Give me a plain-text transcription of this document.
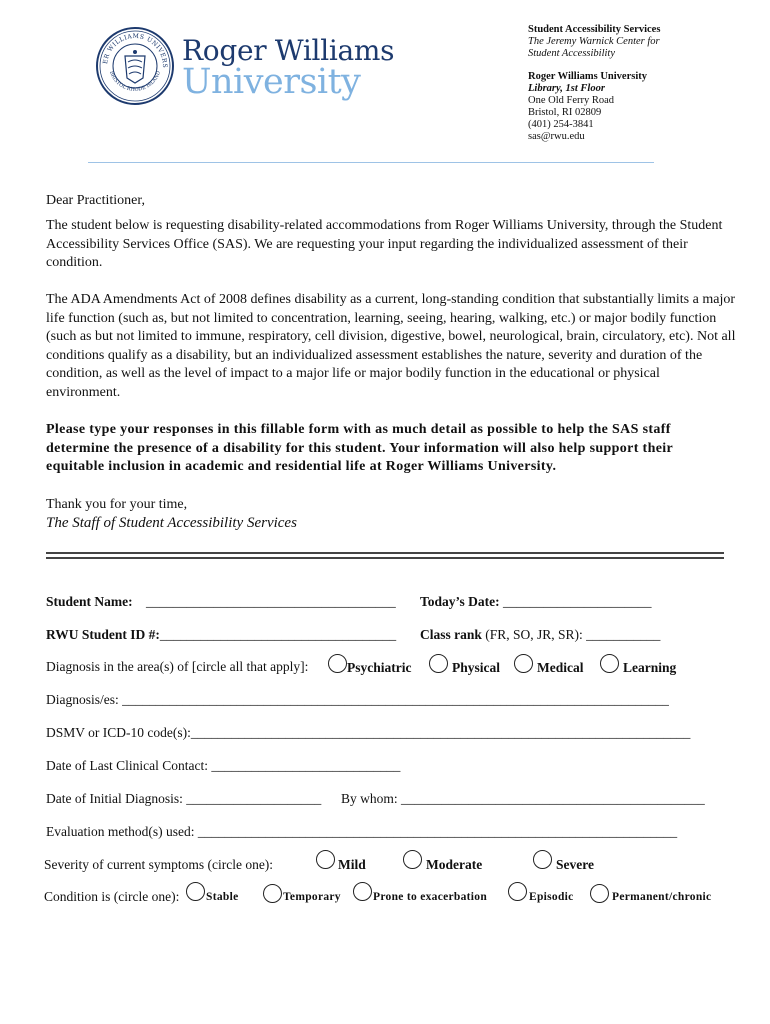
ER WILLIAMS UNIVERS
BRISTOL RHODE ISLAND
Roger Williams
University
Student Accessibility Services
The Jeremy Warnick Center for
Student Accessibility
Roger Williams University
Library, 1st Floor
One Old Ferry Road
Bristol, RI 02809
(401) 254-3841
sas@rwu.edu
Dear Practitioner,
The student below is requesting disability-related accommodations from Roger Williams University, through the Student Accessibility Services Office (SAS). We are requesting your input regarding the individualized assessment of their condition.
The ADA Amendments Act of 2008 defines disability as a current, long-standing condition that substantially limits a major life function (such as, but not limited to concentration, learning, seeing, hearing, walking, etc.) or major bodily function (such as but not limited to immune, respiratory, cell division, digestive, bowel, neurological, brain, circulatory, etc). Not all conditions qualify as a disability, but an individualized assessment establishes the nature, severity and duration of the condition, as well as the level of impact to a major life or major bodily function in the educational or physical environment.
Please type your responses in this fillable form with as much detail as possible to help the SAS staff determine the presence of a disability for this student. Your information will also help support their equitable inclusion in academic and residential life at Roger Williams University.
Thank you for your time,
The Staff of Student Accessibility Services
Student Name: _____________________________________ Today’s Date: ______________________
RWU Student ID #:___________________________________ Class rank (FR, SO, JR, SR): ___________
Diagnosis in the area(s) of [circle all that apply]:	Psychiatric	Physical	Medical	Learning
Diagnosis/es: _________________________________________________________________________________
DSMV or ICD-10 code(s):__________________________________________________________________________
Date of Last Clinical Contact: ____________________________
Date of Initial Diagnosis: ____________________ By whom: _____________________________________________
Evaluation method(s) used: _______________________________________________________________________
Severity of current symptoms (circle one):	Mild	Moderate	Severe
Condition is (circle one): Stable	Temporary	Prone to exacerbation	Episodic	Permanent/chronic
